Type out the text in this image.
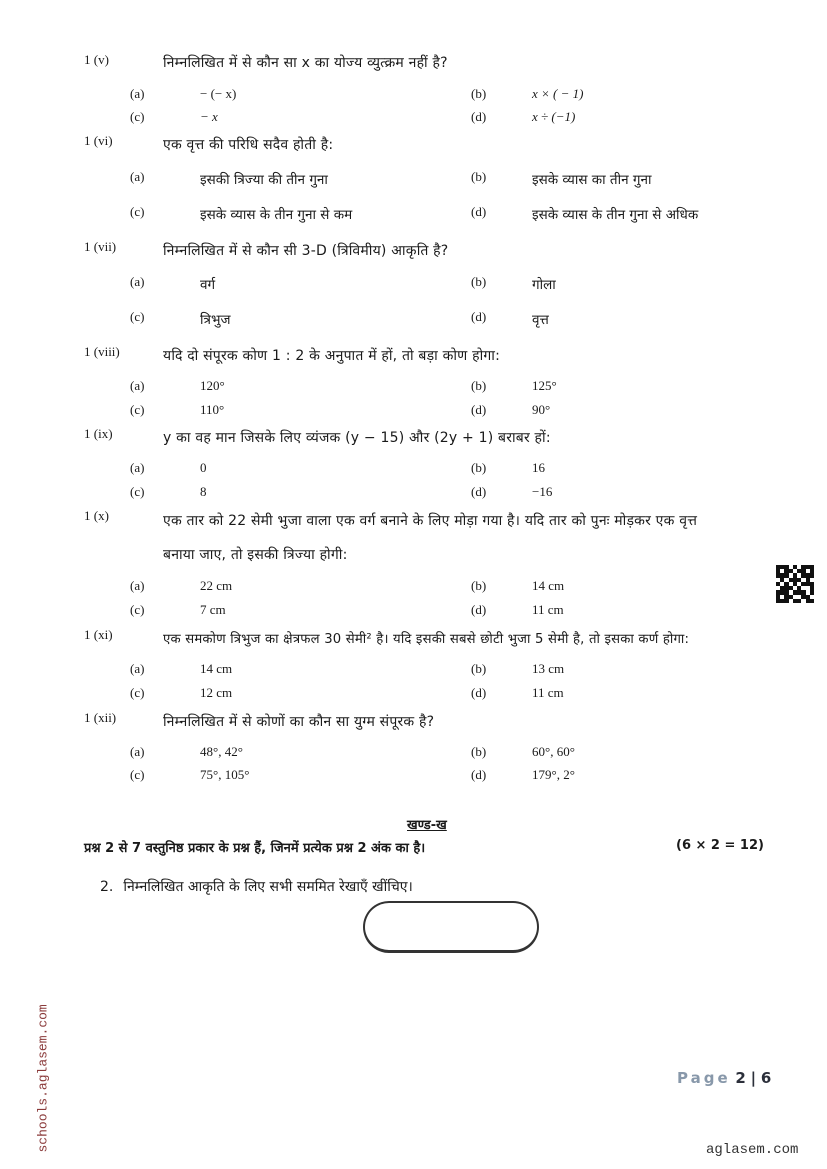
1 (v)	निम्नलिखित में से कौन सा x का योज्य व्युत्क्रम नहीं है?
(a)	− (− x)	(b)	x × ( − 1)
(c)	− x	(d)	x ÷ (−1)
1 (vi)	एक वृत्त की परिधि सदैव होती है:
(a)	इसकी त्रिज्या की तीन गुना	(b)	इसके व्यास का तीन गुना
(c)	इसके व्यास के तीन गुना से कम	(d)	इसके व्यास के तीन गुना से अधिक
1 (vii)	निम्नलिखित में से कौन सी 3-D (त्रिविमीय) आकृति है?
(a)	वर्ग	(b)	गोला
(c)	त्रिभुज	(d)	वृत्त
1 (viii)	यदि दो संपूरक कोण 1 : 2 के अनुपात में हों, तो बड़ा कोण होगा:
(a)	120°	(b)	125°
(c)	110°	(d)	90°
1 (ix)	y का वह मान जिसके लिए व्यंजक (y − 15) और (2y + 1) बराबर हों:
(a)	0	(b)	16
(c)	8	(d)	−16
1 (x)	एक तार को 22 सेमी भुजा वाला एक वर्ग बनाने के लिए मोड़ा गया है। यदि तार को पुनः मोड़कर एक वृत्त
बनाया जाए, तो इसकी त्रिज्या होगी:
(a)	22 cm	(b)	14 cm
(c)	7 cm	(d)	11 cm
1 (xi)	एक समकोण त्रिभुज का क्षेत्रफल 30 सेमी² है। यदि इसकी सबसे छोटी भुजा 5 सेमी है, तो इसका कर्ण होगा:
(a)	14 cm	(b)	13 cm
(c)	12 cm	(d)	11 cm
1 (xii)	निम्नलिखित में से कोणों का कौन सा युग्म संपूरक है?
(a)	48°, 42°	(b)	60°, 60°
(c)	75°, 105°	(d)	179°, 2°
खण्ड-ख
प्रश्न 2 से 7 वस्तुनिष्ठ प्रकार के प्रश्न हैं, जिनमें प्रत्येक प्रश्न 2 अंक का है।	(6 × 2 = 12)
2. निम्नलिखित आकृति के लिए सभी सममित रेखाएँ खींचिए।
Page 2 | 6
aglasem.com
schools.aglasem.com
